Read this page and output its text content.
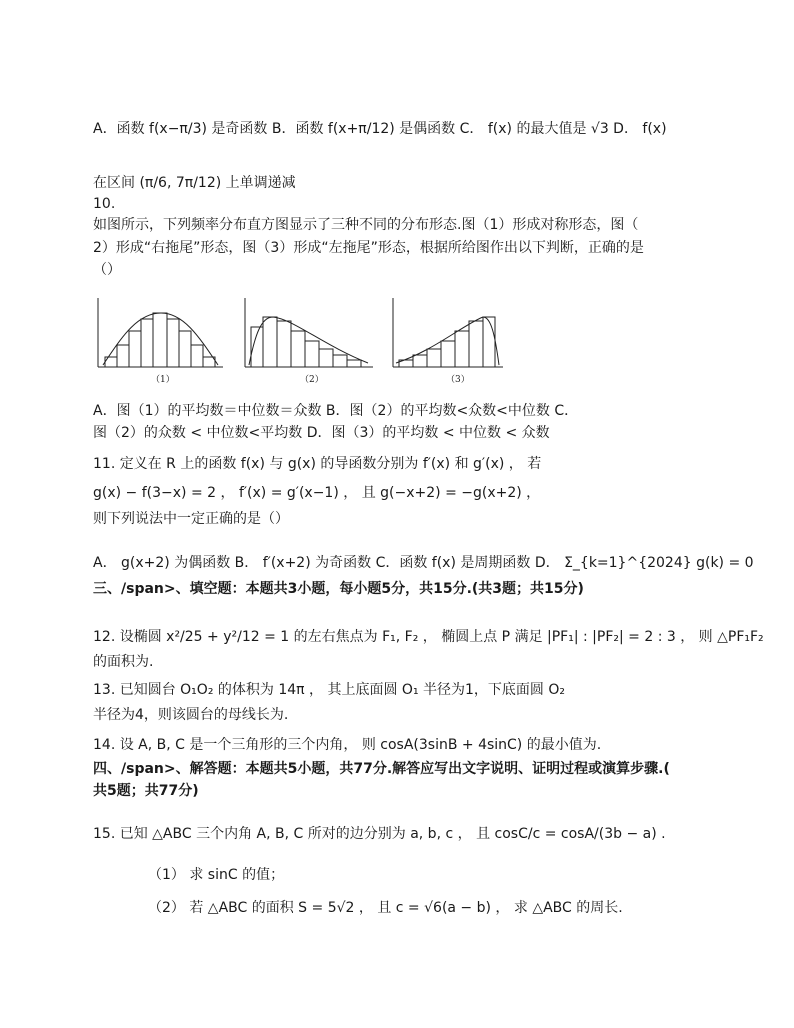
A．函数 f(x−π/3) 是奇函数 B．函数 f(x+π/12) 是偶函数 C． f(x) 的最大值是 √3 D． f(x)
在区间 (π/6, 7π/12) 上单调递减
10.
如图所示，下列频率分布直方图显示了三种不同的分布形态.图（1）形成对称形态，图（
2）形成“右拖尾”形态，图（3）形成“左拖尾”形态，根据所给图作出以下判断，正确的是
（）
（1）	（2）	（3）
A．图（1）的平均数＝中位数＝众数 B．图（2）的平均数<众数<中位数 C．
图（2）的众数 < 中位数<平均数 D．图（3）的平均数 < 中位数 < 众数
11. 定义在 R 上的函数 f(x) 与 g(x) 的导函数分别为 f′(x) 和 g′(x) ， 若
g(x) − f(3−x) = 2 ， f′(x) = g′(x−1) ， 且 g(−x+2) = −g(x+2) ，
则下列说法中一定正确的是（）
A． g(x+2) 为偶函数 B． f′(x+2) 为奇函数 C．函数 f(x) 是周期函数 D． Σ_{k=1}^{2024} g(k) = 0
三、/span>、填空题：本题共3小题，每小题5分，共15分.(共3题；共15分)
12. 设椭圆 x²/25 + y²/12 = 1 的左右焦点为 F₁, F₂ ， 椭圆上点 P 满足 |PF₁| : |PF₂| = 2 : 3 ， 则 △PF₁F₂
的面积为.
13. 已知圆台 O₁O₂ 的体积为 14π ， 其上底面圆 O₁ 半径为1，下底面圆 O₂
半径为4，则该圆台的母线长为.
14. 设 A, B, C 是一个三角形的三个内角， 则 cosA(3sinB + 4sinC) 的最小值为.
四、/span>、解答题：本题共5小题，共77分.解答应写出文字说明、证明过程或演算步骤.(
共5题；共77分)
15. 已知 △ABC 三个内角 A, B, C 所对的边分别为 a, b, c ， 且 cosC/c = cosA/(3b − a) .
（1） 求 sinC 的值；
（2） 若 △ABC 的面积 S = 5√2 ， 且 c = √6(a − b) ， 求 △ABC 的周长.
